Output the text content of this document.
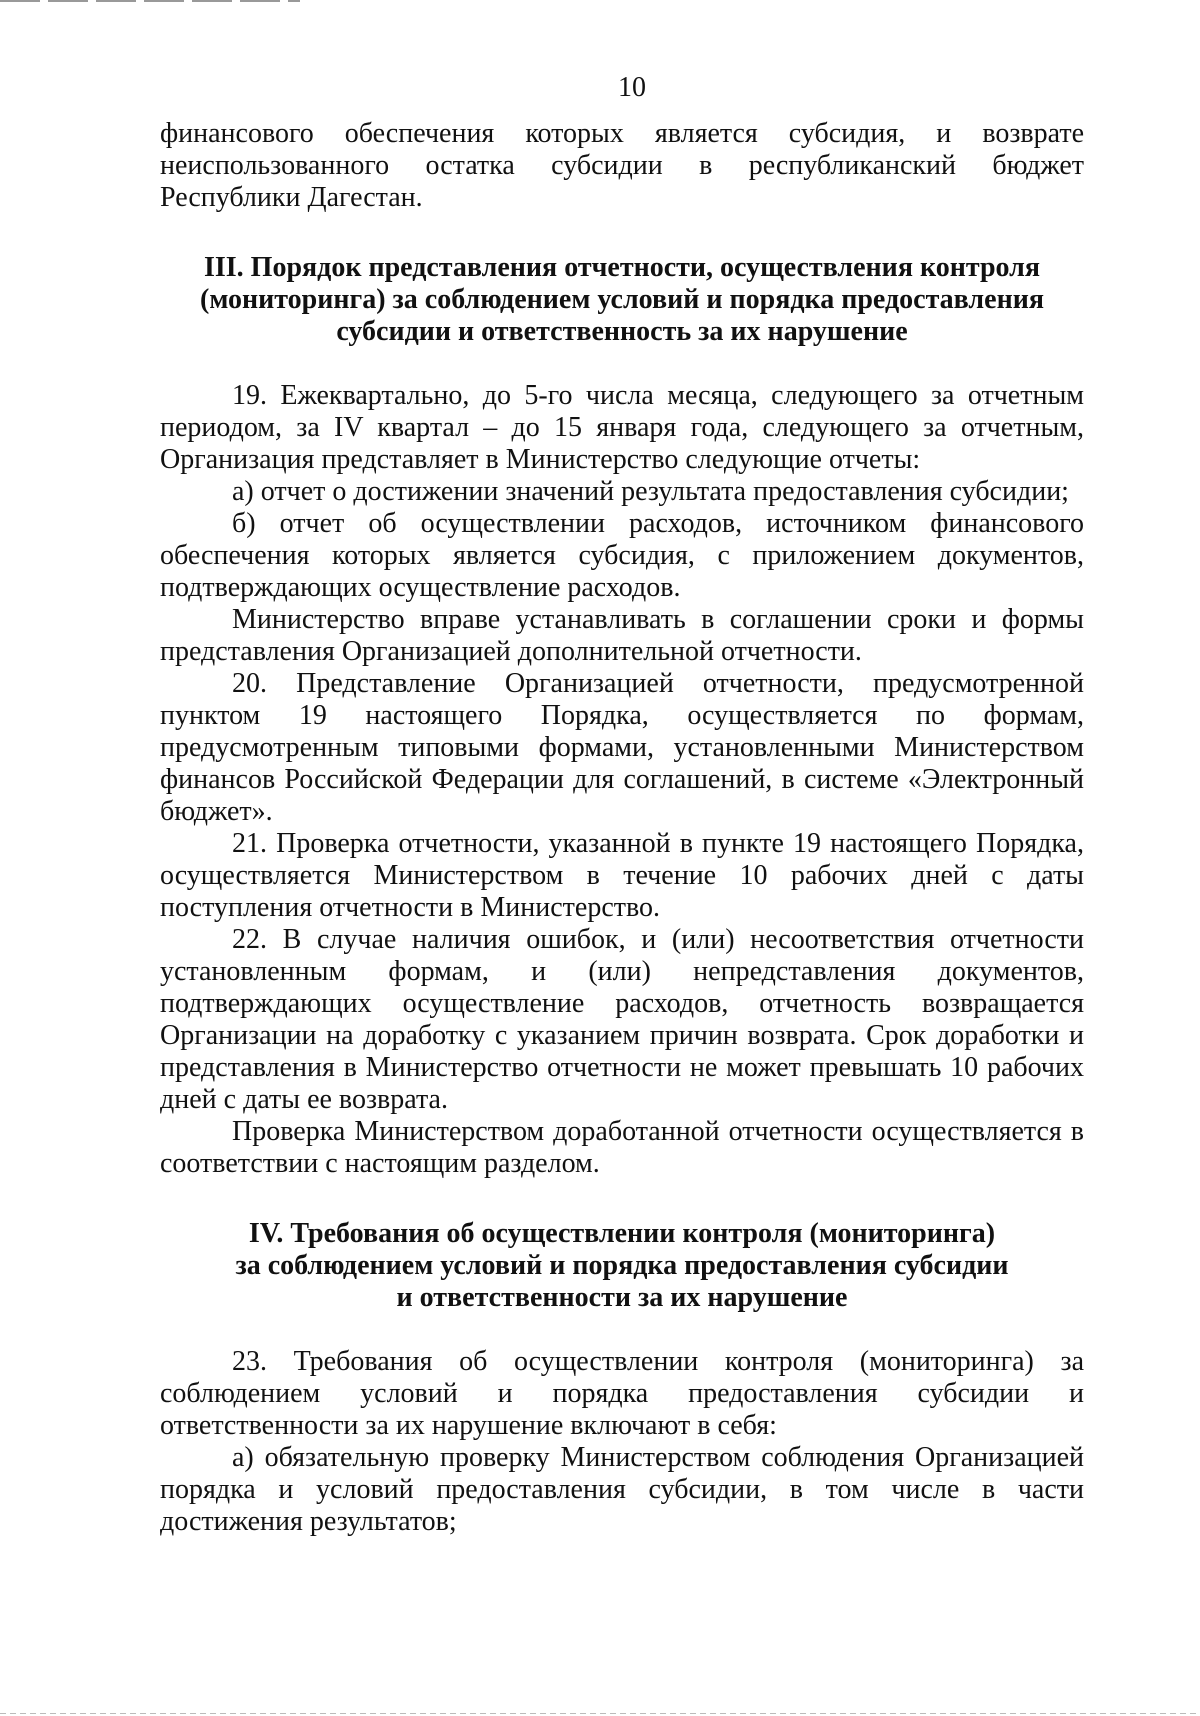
10

финансового обеспечения которых является субсидия, и возврате неиспользованного остатка субсидии в республиканский бюджет Республики Дагестан.

III. Порядок представления отчетности, осуществления контроля
(мониторинга) за соблюдением условий и порядка предоставления
субсидии и ответственность за их нарушение

19. Ежеквартально, до 5-го числа месяца, следующего за отчетным периодом, за IV квартал – до 15 января года, следующего за отчетным, Организация представляет в Министерство следующие отчеты:

а) отчет о достижении значений результата предоставления субсидии;

б) отчет об осуществлении расходов, источником финансового обеспечения которых является субсидия, с приложением документов, подтверждающих осуществление расходов.

Министерство вправе устанавливать в соглашении сроки и формы представления Организацией дополнительной отчетности.

20. Представление Организацией отчетности, предусмотренной пунктом 19 настоящего Порядка, осуществляется по формам, предусмотренным типовыми формами, установленными Министерством финансов Российской Федерации для соглашений, в системе «Электронный бюджет».

21. Проверка отчетности, указанной в пункте 19 настоящего Порядка, осуществляется Министерством в течение 10 рабочих дней с даты поступления отчетности в Министерство.

22. В случае наличия ошибок, и (или) несоответствия отчетности установленным формам, и (или) непредставления документов, подтверждающих осуществление расходов, отчетность возвращается Организации на доработку с указанием причин возврата. Срок доработки и представления в Министерство отчетности не может превышать 10 рабочих дней с даты ее возврата.

Проверка Министерством доработанной отчетности осуществляется в соответствии с настоящим разделом.

IV. Требования об осуществлении контроля (мониторинга)
за соблюдением условий и порядка предоставления субсидии
и ответственности за их нарушение

23. Требования об осуществлении контроля (мониторинга) за соблюдением условий и порядка предоставления субсидии и ответственности за их нарушение включают в себя:

а) обязательную проверку Министерством соблюдения Организацией порядка и условий предоставления субсидии, в том числе в части достижения результатов;
